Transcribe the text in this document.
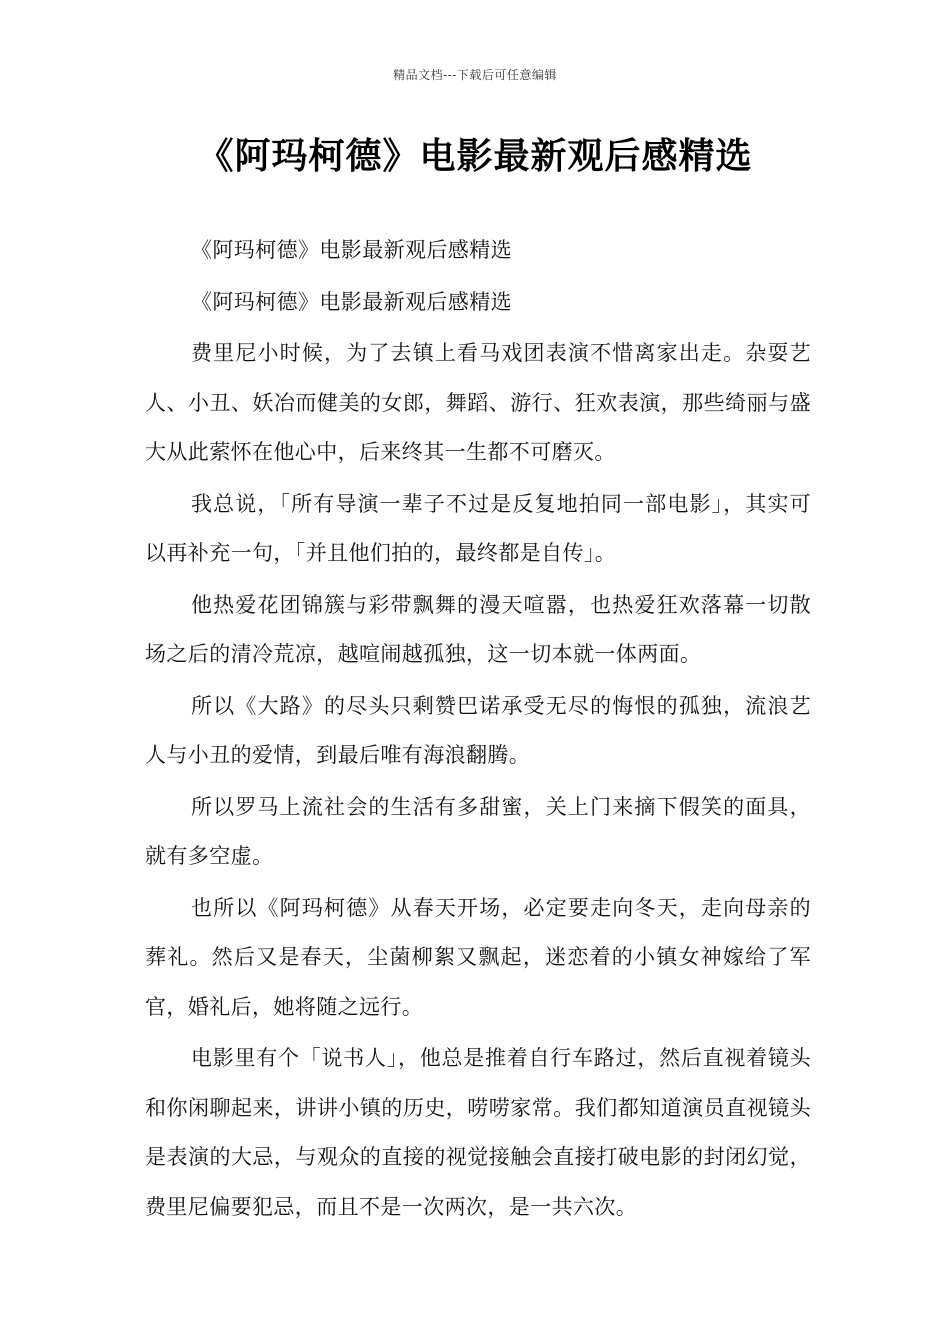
精品文档---下载后可任意编辑
《阿玛柯德》电影最新观后感精选

《阿玛柯德》电影最新观后感精选

《阿玛柯德》电影最新观后感精选

费里尼小时候，为了去镇上看马戏团表演不惜离家出走。杂耍艺人、小丑、妖冶而健美的女郎，舞蹈、游行、狂欢表演，那些绮丽与盛大从此萦怀在他心中，后来终其一生都不可磨灭。

我总说，「所有导演一辈子不过是反复地拍同一部电影」，其实可以再补充一句，「并且他们拍的，最终都是自传」。

他热爱花团锦簇与彩带飘舞的漫天喧嚣，也热爱狂欢落幕一切散场之后的清冷荒凉，越喧闹越孤独，这一切本就一体两面。

所以《大路》的尽头只剩赞巴诺承受无尽的悔恨的孤独，流浪艺人与小丑的爱情，到最后唯有海浪翻腾。

所以罗马上流社会的生活有多甜蜜，关上门来摘下假笑的面具，就有多空虚。

也所以《阿玛柯德》从春天开场，必定要走向冬天，走向母亲的葬礼。然后又是春天，尘菌柳絮又飘起，迷恋着的小镇女神嫁给了军官，婚礼后，她将随之远行。

电影里有个「说书人」，他总是推着自行车路过，然后直视着镜头和你闲聊起来，讲讲小镇的历史，唠唠家常。我们都知道演员直视镜头是表演的大忌，与观众的直接的视觉接触会直接打破电影的封闭幻觉，费里尼偏要犯忌，而且不是一次两次，是一共六次。
